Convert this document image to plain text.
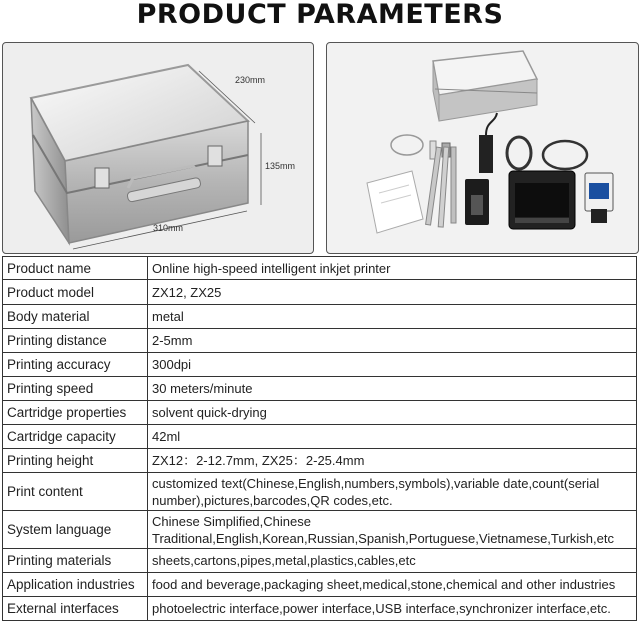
PRODUCT PARAMETERS
230mm
135mm
310mm
Product name	Online high-speed intelligent inkjet printer
Product model	ZX12, ZX25
Body material	metal
Printing distance	2-5mm
Printing accuracy	300dpi
Printing speed	30 meters/minute
Cartridge properties	solvent quick-drying
Cartridge capacity	42ml
Printing height	ZX12：2-12.7mm, ZX25：2-25.4mm
Print content	customized text(Chinese,English,numbers,symbols),variable date,count(serial number),pictures,barcodes,QR codes,etc.
System language	Chinese Simplified,Chinese Traditional,English,Korean,Russian,Spanish,Portuguese,Vietnamese,Turkish,etc
Printing materials	sheets,cartons,pipes,metal,plastics,cables,etc
Application industries	food and beverage,packaging sheet,medical,stone,chemical and other industries
External interfaces	photoelectric interface,power interface,USB interface,synchronizer interface,etc.
